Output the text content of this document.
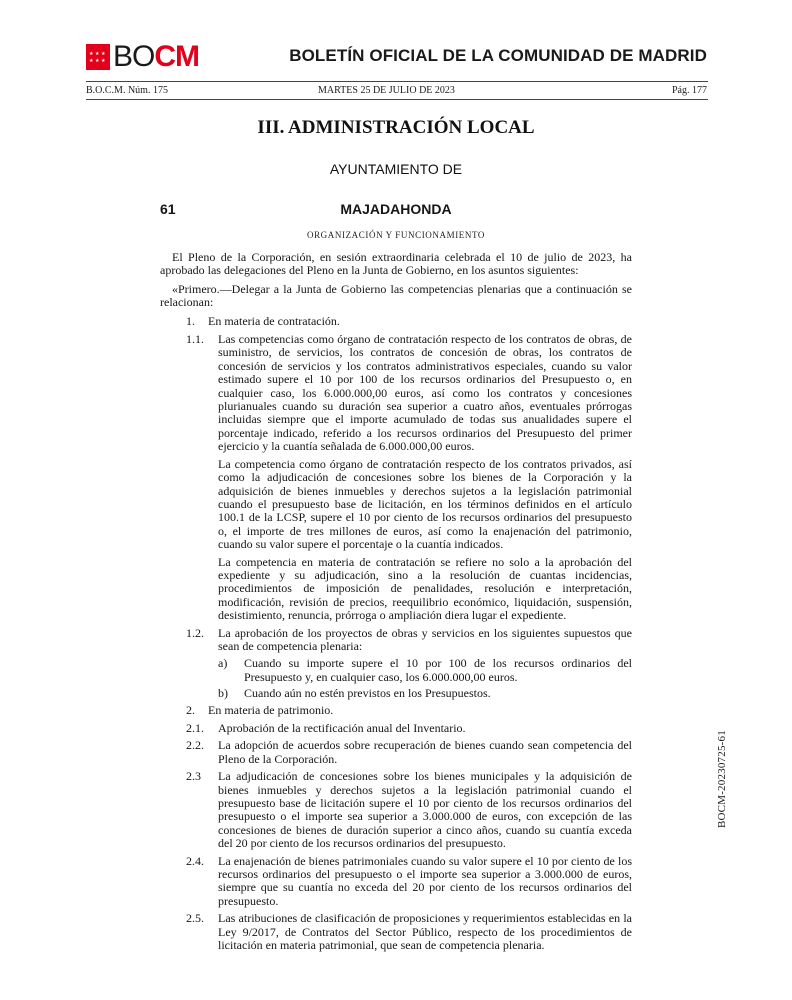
★ ★ ★
★ ★ ★ BOCM	BOLETÍN OFICIAL DE LA COMUNIDAD DE MADRID
B.O.C.M. Núm. 175	MARTES 25 DE JULIO DE 2023	Pág. 177
III. ADMINISTRACIÓN LOCAL
AYUNTAMIENTO DE
61	MAJADAHONDA
ORGANIZACIÓN Y FUNCIONAMIENTO

El Pleno de la Corporación, en sesión extraordinaria celebrada el 10 de julio de 2023, ha aprobado las delegaciones del Pleno en la Junta de Gobierno, en los asuntos siguientes:

«Primero.—Delegar a la Junta de Gobierno las competencias plenarias que a continuación se relacionan:

1.	En materia de contratación.
1.1.	Las competencias como órgano de contratación respecto de los contratos de obras, de suministro, de servicios, los contratos de concesión de obras, los contratos de concesión de servicios y los contratos administrativos especiales, cuando su valor estimado supere el 10 por 100 de los recursos ordinarios del Presupuesto o, en cualquier caso, los 6.000.000,00 euros, así como los contratos y concesiones plurianuales cuando su duración sea superior a cuatro años, eventuales prórrogas incluidas siempre que el importe acumulado de todas sus anualidades supere el porcentaje indicado, referido a los recursos ordinarios del Presupuesto del primer ejercicio y la cuantía señalada de 6.000.000,00 euros.
La competencia como órgano de contratación respecto de los contratos privados, así como la adjudicación de concesiones sobre los bienes de la Corporación y la adquisición de bienes inmuebles y derechos sujetos a la legislación patrimonial cuando el presupuesto base de licitación, en los términos definidos en el artículo 100.1 de la LCSP, supere el 10 por ciento de los recursos ordinarios del presupuesto o, el importe de tres millones de euros, así como la enajenación del patrimonio, cuando su valor supere el porcentaje o la cuantía indicados.
La competencia en materia de contratación se refiere no solo a la aprobación del expediente y su adjudicación, sino a la resolución de cuantas incidencias, procedimientos de imposición de penalidades, resolución e interpretación, modificación, revisión de precios, reequilibrio económico, liquidación, suspensión, desistimiento, renuncia, prórroga o ampliación diera lugar el expediente.
1.2.	La aprobación de los proyectos de obras y servicios en los siguientes supuestos que sean de competencia plenaria:
a)	Cuando su importe supere el 10 por 100 de los recursos ordinarios del Presupuesto y, en cualquier caso, los 6.000.000,00 euros.
b)	Cuando aún no estén previstos en los Presupuestos.
2.	En materia de patrimonio.
2.1.	Aprobación de la rectificación anual del Inventario.
2.2.	La adopción de acuerdos sobre recuperación de bienes cuando sean competencia del Pleno de la Corporación.
2.3	La adjudicación de concesiones sobre los bienes municipales y la adquisición de bienes inmuebles y derechos sujetos a la legislación patrimonial cuando el presupuesto base de licitación supere el 10 por ciento de los recursos ordinarios del presupuesto o el importe sea superior a 3.000.000 de euros, con excepción de las concesiones de bienes de duración superior a cinco años, cuando su cuantía exceda del 20 por ciento de los recursos ordinarios del presupuesto.
2.4.	La enajenación de bienes patrimoniales cuando su valor supere el 10 por ciento de los recursos ordinarios del presupuesto o el importe sea superior a 3.000.000 de euros, siempre que su cuantía no exceda del 20 por ciento de los recursos ordinarios del presupuesto.
2.5.	Las atribuciones de clasificación de proposiciones y requerimientos establecidas en la Ley 9/2017, de Contratos del Sector Público, respecto de los procedimientos de licitación en materia patrimonial, que sean de competencia plenaria.
BOCM-20230725-61
